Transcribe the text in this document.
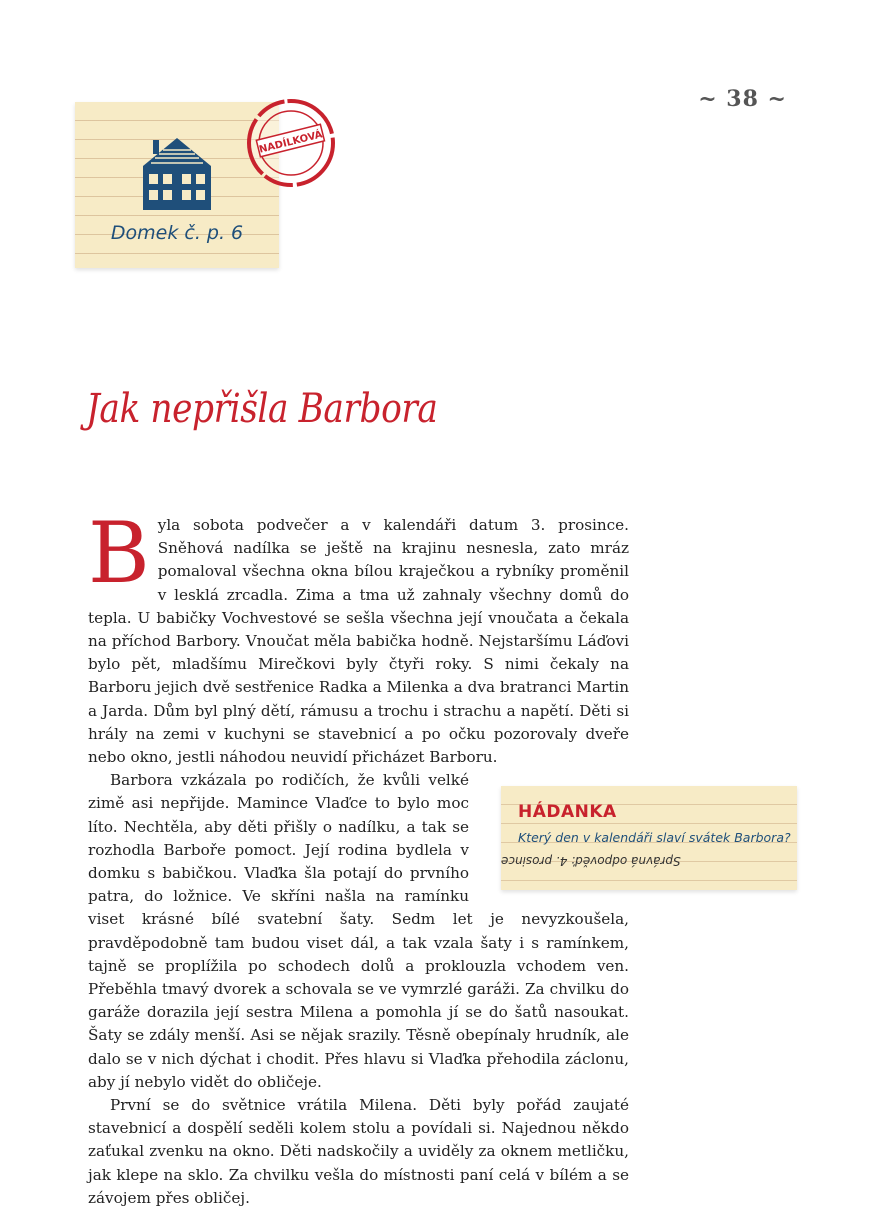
~ 38 ~
Domek č. p. 6
NADÍLKOVÁ
Jak nepřišla Barbora
B yla sobota podvečer a v kalendáři datum 3. prosince. Sněhová nadílka se ještě na krajinu nesnesla, zato mráz pomaloval všechna okna bílou kraječkou a rybníky proměnil v lesklá zrcadla. Zima a tma už zahnaly všechny domů do tepla. U babičky Vochvestové se sešla všechna její vnoučata a čekala na příchod Barbory. Vnoučat měla babička hodně. Nejstaršímu Láďovi bylo pět, mladšímu Mirečkovi byly čtyři roky. S nimi čekaly na Barboru jejich dvě sestřenice Radka a Milenka a dva bratranci Martin a Jarda. Dům byl plný dětí, rámusu a trochu i strachu a napětí. Děti si hrály na zemi v kuchyni se stavebnicí a po očku pozorovaly dveře nebo okno, jestli náhodou neuvidí přicházet Barboru.

Barbora vzkázala po rodičích, že kvůli velké zimě asi nepřijde. Mamince Vlaďce to bylo moc líto. Nechtěla, aby děti přišly o nadílku, a tak se rozhodla Barboře pomoct. Její rodina bydlela v domku s babičkou. Vlaďka šla potají do prvního patra, do ložnice. Ve skříni našla na ramínku viset krásné bílé svatební šaty. Sedm let je nevyzkoušela, pravděpodobně tam budou viset dál, a tak vzala šaty i s ramínkem, tajně se proplížila po schodech dolů a proklouzla vchodem ven. Přeběhla tmavý dvorek a schovala se ve vymrzlé garáži. Za chvilku do garáže dorazila její sestra Milena a pomohla jí se do šatů nasoukat. Šaty se zdály menší. Asi se nějak srazily. Těsně obepínaly hrudník, ale dalo se v nich dýchat i chodit. Přes hlavu si Vlaďka přehodila záclonu, aby jí nebylo vidět do obličeje.

První se do světnice vrátila Milena. Děti byly pořád zaujaté stavebnicí a dospělí seděli kolem stolu a povídali si. Najednou někdo zaťukal zvenku na okno. Děti nadskočily a uviděly za oknem metličku, jak klepe na sklo. Za chvilku vešla do místnosti paní celá v bílém a se závojem přes obličej.

HÁDANKA

Který den v kalendáři slaví svátek Barbora?

Správná odpověď: 4. prosince
